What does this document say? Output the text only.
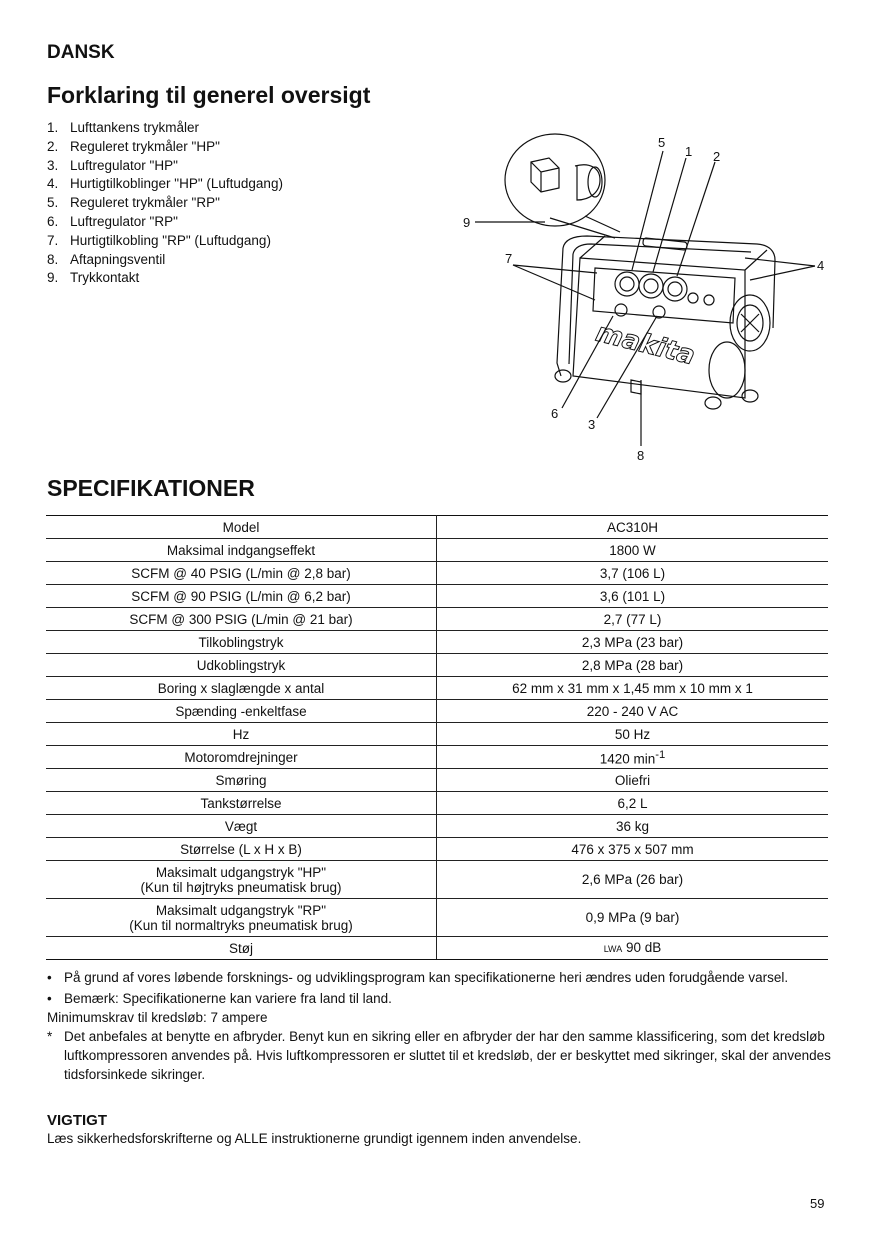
DANSK
Forklaring til generel oversigt
1. Lufttankens trykmåler
2. Reguleret trykmåler "HP"
3. Luftregulator "HP"
4. Hurtigtilkoblinger "HP" (Luftudgang)
5. Reguleret trykmåler "RP"
6. Luftregulator "RP"
7. Hurtigtilkobling "RP" (Luftudgang)
8. Aftapningsventil
9. Trykkontakt
makita
5
1 2
9
7	4
6
3
8
SPECIFIKATIONER
Model	AC310H

Maksimal indgangseffekt	1800 W

SCFM @ 40 PSIG (L/min @ 2,8 bar)	3,7 (106 L)

SCFM @ 90 PSIG (L/min @ 6,2 bar)	3,6 (101 L)

SCFM @ 300 PSIG (L/min @ 21 bar)	2,7 (77 L)

Tilkoblingstryk	2,3 MPa (23 bar)

Udkoblingstryk	2,8 MPa (28 bar)

Boring x slaglængde x antal	62 mm x 31 mm x 1,45 mm x 10 mm x 1

Spænding -enkeltfase	220 - 240 V AC

Hz	50 Hz

Motoromdrejninger	1420 $\min^{-1}$

Smøring	Oliefri

Tankstørrelse	6,2 L

Vægt	36 kg

Størrelse (L x H x B)	476 x 375 x 507 mm

Maksimalt udgangstryk "HP"
(Kun til højtryks pneumatisk brug)	2,6 MPa (26 bar)

Maksimalt udgangstryk "RP"
(Kun til normaltryks pneumatisk brug)	0,9 MPa (9 bar)

Støj	LWA 90 dB
• På grund af vores løbende forsknings- og udviklingsprogram kan specifikationerne heri ændres uden forudgående varsel.
• Bemærk: Specifikationerne kan variere fra land til land.

Minimumskrav til kredsløb: 7 ampere

* Det anbefales at benytte en afbryder. Benyt kun en sikring eller en afbryder der har den samme klassificering, som det kredsløb luftkompressoren anvendes på. Hvis luftkompressoren er sluttet til et kredsløb, der er beskyttet med sikringer, skal der anvendes tidsforsinkede sikringer.
VIGTIGT

Læs sikkerhedsforskrifterne og ALLE instruktionerne grundigt igennem inden anvendelse.

59
